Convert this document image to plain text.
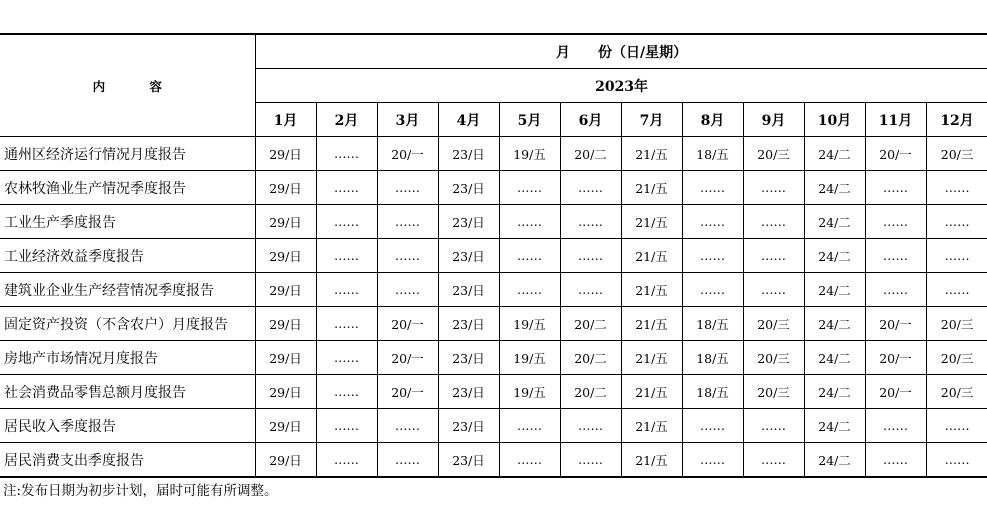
内 容	月　　份（日/星期）											
	2023年											
	1月	2月	3月	4月	5月	6月	7月	8月	9月	10月	11月	12月
通州区经济运行情况月度报告	29/日	……	20/一	23/日	19/五	20/二	21/五	18/五	20/三	24/二	20/一	20/三
农林牧渔业生产情况季度报告	29/日	……	……	23/日	……	……	21/五	……	……	24/二	……	……
工业生产季度报告	29/日	……	……	23/日	……	……	21/五	……	……	24/二	……	……
工业经济效益季度报告	29/日	……	……	23/日	……	……	21/五	……	……	24/二	……	……
建筑业企业生产经营情况季度报告	29/日	……	……	23/日	……	……	21/五	……	……	24/二	……	……
固定资产投资（不含农户）月度报告	29/日	……	20/一	23/日	19/五	20/二	21/五	18/五	20/三	24/二	20/一	20/三
房地产市场情况月度报告	29/日	……	20/一	23/日	19/五	20/二	21/五	18/五	20/三	24/二	20/一	20/三
社会消费品零售总额月度报告	29/日	……	20/一	23/日	19/五	20/二	21/五	18/五	20/三	24/二	20/一	20/三
居民收入季度报告	29/日	……	……	23/日	……	……	21/五	……	……	24/二	……	……
居民消费支出季度报告	29/日	……	……	23/日	……	……	21/五	……	……	24/二	……	……
注:发布日期为初步计划，届时可能有所调整。
